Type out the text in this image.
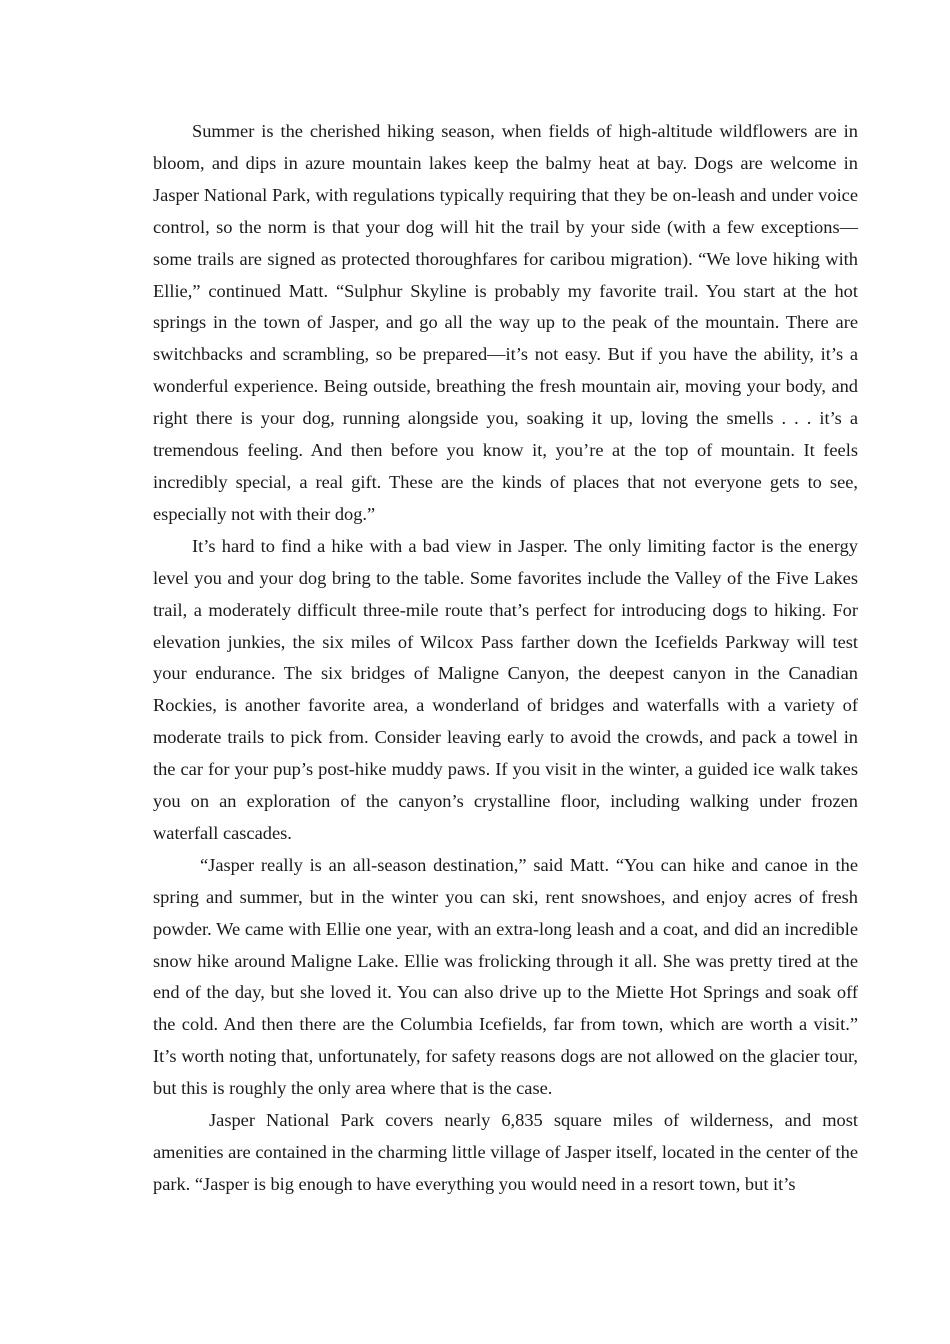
Summer is the cherished hiking season, when fields of high-altitude wildflowers are in bloom, and dips in azure mountain lakes keep the balmy heat at bay. Dogs are welcome in Jasper National Park, with regulations typically requiring that they be on-leash and under voice control, so the norm is that your dog will hit the trail by your side (with a few exceptions—some trails are signed as protected thoroughfares for caribou migration). “We love hiking with Ellie,” continued Matt. “Sulphur Skyline is probably my favorite trail. You start at the hot springs in the town of Jasper, and go all the way up to the peak of the mountain. There are switchbacks and scrambling, so be prepared—it’s not easy. But if you have the ability, it’s a wonderful experience. Being outside, breathing the fresh mountain air, moving your body, and right there is your dog, running alongside you, soaking it up, loving the smells . . . it’s a tremendous feeling. And then before you know it, you’re at the top of mountain. It feels incredibly special, a real gift. These are the kinds of places that not everyone gets to see, especially not with their dog.”

It’s hard to find a hike with a bad view in Jasper. The only limiting factor is the energy level you and your dog bring to the table. Some favorites include the Valley of the Five Lakes trail, a moderately difficult three-mile route that’s perfect for introducing dogs to hiking. For elevation junkies, the six miles of Wilcox Pass farther down the Icefields Parkway will test your endurance. The six bridges of Maligne Canyon, the deepest canyon in the Canadian Rockies, is another favorite area, a wonderland of bridges and waterfalls with a variety of moderate trails to pick from. Consider leaving early to avoid the crowds, and pack a towel in the car for your pup’s post-hike muddy paws. If you visit in the winter, a guided ice walk takes you on an exploration of the canyon’s crystalline floor, including walking under frozen waterfall cascades.

“Jasper really is an all-season destination,” said Matt. “You can hike and canoe in the spring and summer, but in the winter you can ski, rent snowshoes, and enjoy acres of fresh powder. We came with Ellie one year, with an extra-long leash and a coat, and did an incredible snow hike around Maligne Lake. Ellie was frolicking through it all. She was pretty tired at the end of the day, but she loved it. You can also drive up to the Miette Hot Springs and soak off the cold. And then there are the Columbia Icefields, far from town, which are worth a visit.” It’s worth noting that, unfortunately, for safety reasons dogs are not allowed on the glacier tour, but this is roughly the only area where that is the case.

Jasper National Park covers nearly 6,835 square miles of wilderness, and most amenities are contained in the charming little village of Jasper itself, located in the center of the park. “Jasper is big enough to have everything you would need in a resort town, but it’s
